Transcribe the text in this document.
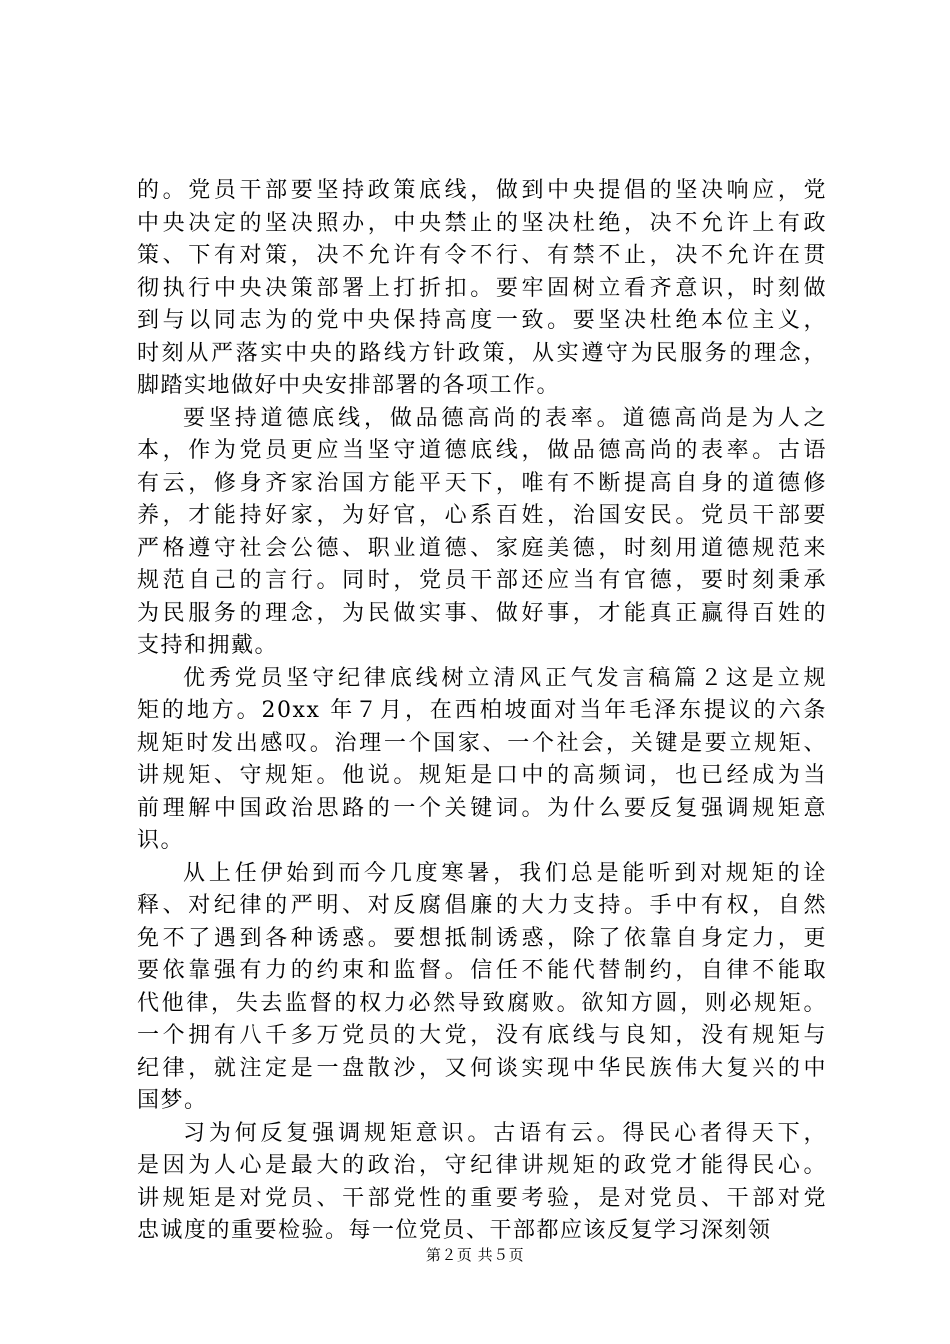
的。党员干部要坚持政策底线，做到中央提倡的坚决响应，党
中央决定的坚决照办，中央禁止的坚决杜绝，决不允许上有政
策、下有对策，决不允许有令不行、有禁不止，决不允许在贯
彻执行中央决策部署上打折扣。要牢固树立看齐意识，时刻做
到与以同志为的党中央保持高度一致。要坚决杜绝本位主义，
时刻从严落实中央的路线方针政策，从实遵守为民服务的理念，
脚踏实地做好中央安排部署的各项工作。
要坚持道德底线，做品德高尚的表率。道德高尚是为人之
本，作为党员更应当坚守道德底线，做品德高尚的表率。古语
有云，修身齐家治国方能平天下，唯有不断提高自身的道德修
养，才能持好家，为好官，心系百姓，治国安民。党员干部要
严格遵守社会公德、职业道德、家庭美德，时刻用道德规范来
规范自己的言行。同时，党员干部还应当有官德，要时刻秉承
为民服务的理念，为民做实事、做好事，才能真正赢得百姓的
支持和拥戴。
优秀党员坚守纪律底线树立清风正气发言稿篇２这是立规
矩的地方。20xx 年７月，在西柏坡面对当年毛泽东提议的六条
规矩时发出感叹。治理一个国家、一个社会，关键是要立规矩、
讲规矩、守规矩。他说。规矩是口中的高频词，也已经成为当
前理解中国政治思路的一个关键词。为什么要反复强调规矩意
识。
从上任伊始到而今几度寒暑，我们总是能听到对规矩的诠
释、对纪律的严明、对反腐倡廉的大力支持。手中有权，自然
免不了遇到各种诱惑。要想抵制诱惑，除了依靠自身定力，更
要依靠强有力的约束和监督。信任不能代替制约，自律不能取
代他律，失去监督的权力必然导致腐败。欲知方圆，则必规矩。
一个拥有八千多万党员的大党，没有底线与良知，没有规矩与
纪律，就注定是一盘散沙，又何谈实现中华民族伟大复兴的中
国梦。
习为何反复强调规矩意识。古语有云。得民心者得天下，
是因为人心是最大的政治，守纪律讲规矩的政党才能得民心。
讲规矩是对党员、干部党性的重要考验，是对党员、干部对党
忠诚度的重要检验。每一位党员、干部都应该反复学习深刻领
第２页 共５页
